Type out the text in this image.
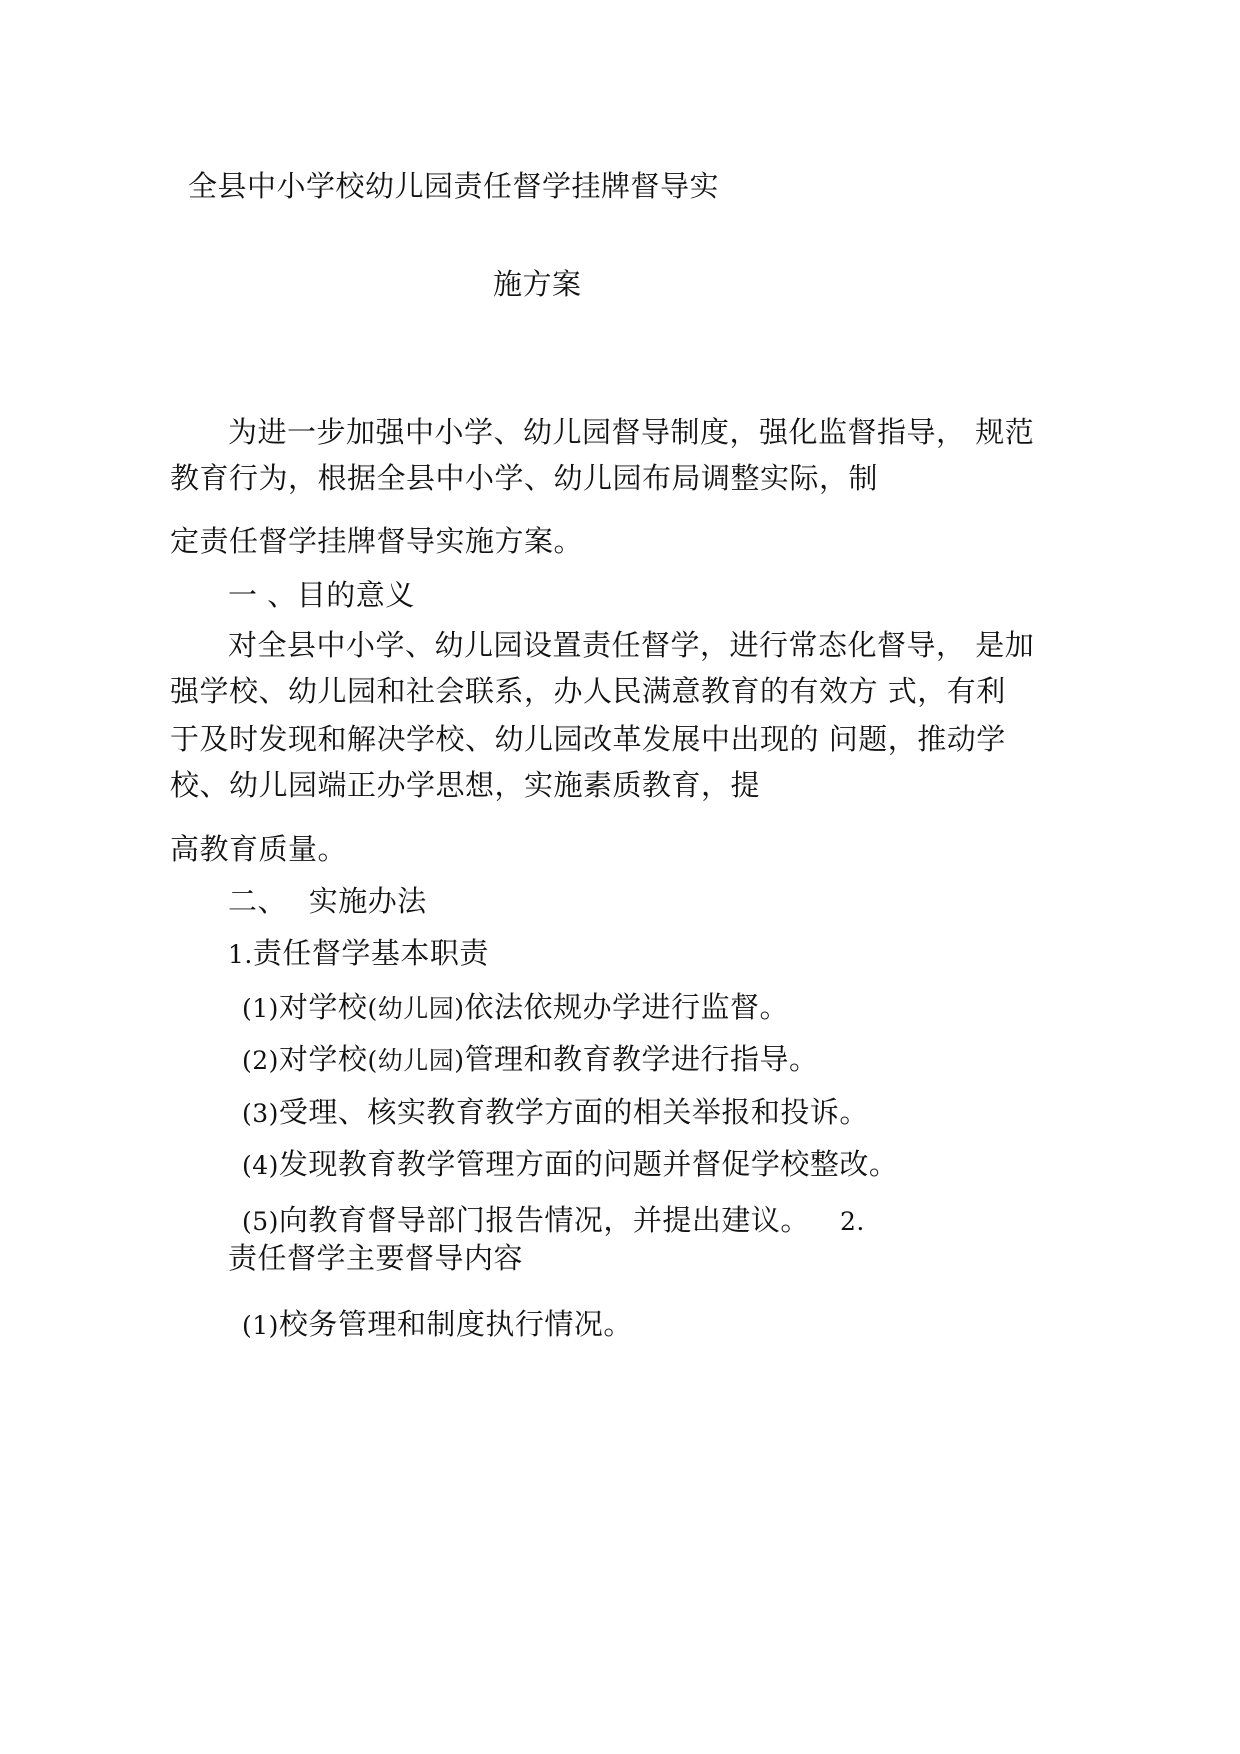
全县中小学校幼儿园责任督学挂牌督导实
施方案
为进一步加强中小学、幼儿园督导制度，强化监督指导， 规范
教育行为，根据全县中小学、幼儿园布局调整实际，制
定责任督学挂牌督导实施方案。
一 、目的意义
对全县中小学、幼儿园设置责任督学，进行常态化督导， 是加
强学校、幼儿园和社会联系，办人民满意教育的有效方 式，有利
于及时发现和解决学校、幼儿园改革发展中出现的 问题，推动学
校、幼儿园端正办学思想，实施素质教育，提
高教育质量。
二、 实施办法
1.责任督学基本职责
(1)对学校(幼儿园)依法依规办学进行监督。
(2)对学校(幼儿园)管理和教育教学进行指导。
(3)受理、核实教育教学方面的相关举报和投诉。
(4)发现教育教学管理方面的问题并督促学校整改。
(5)向教育督导部门报告情况，并提出建议。 2.
责任督学主要督导内容
(1)校务管理和制度执行情况。
